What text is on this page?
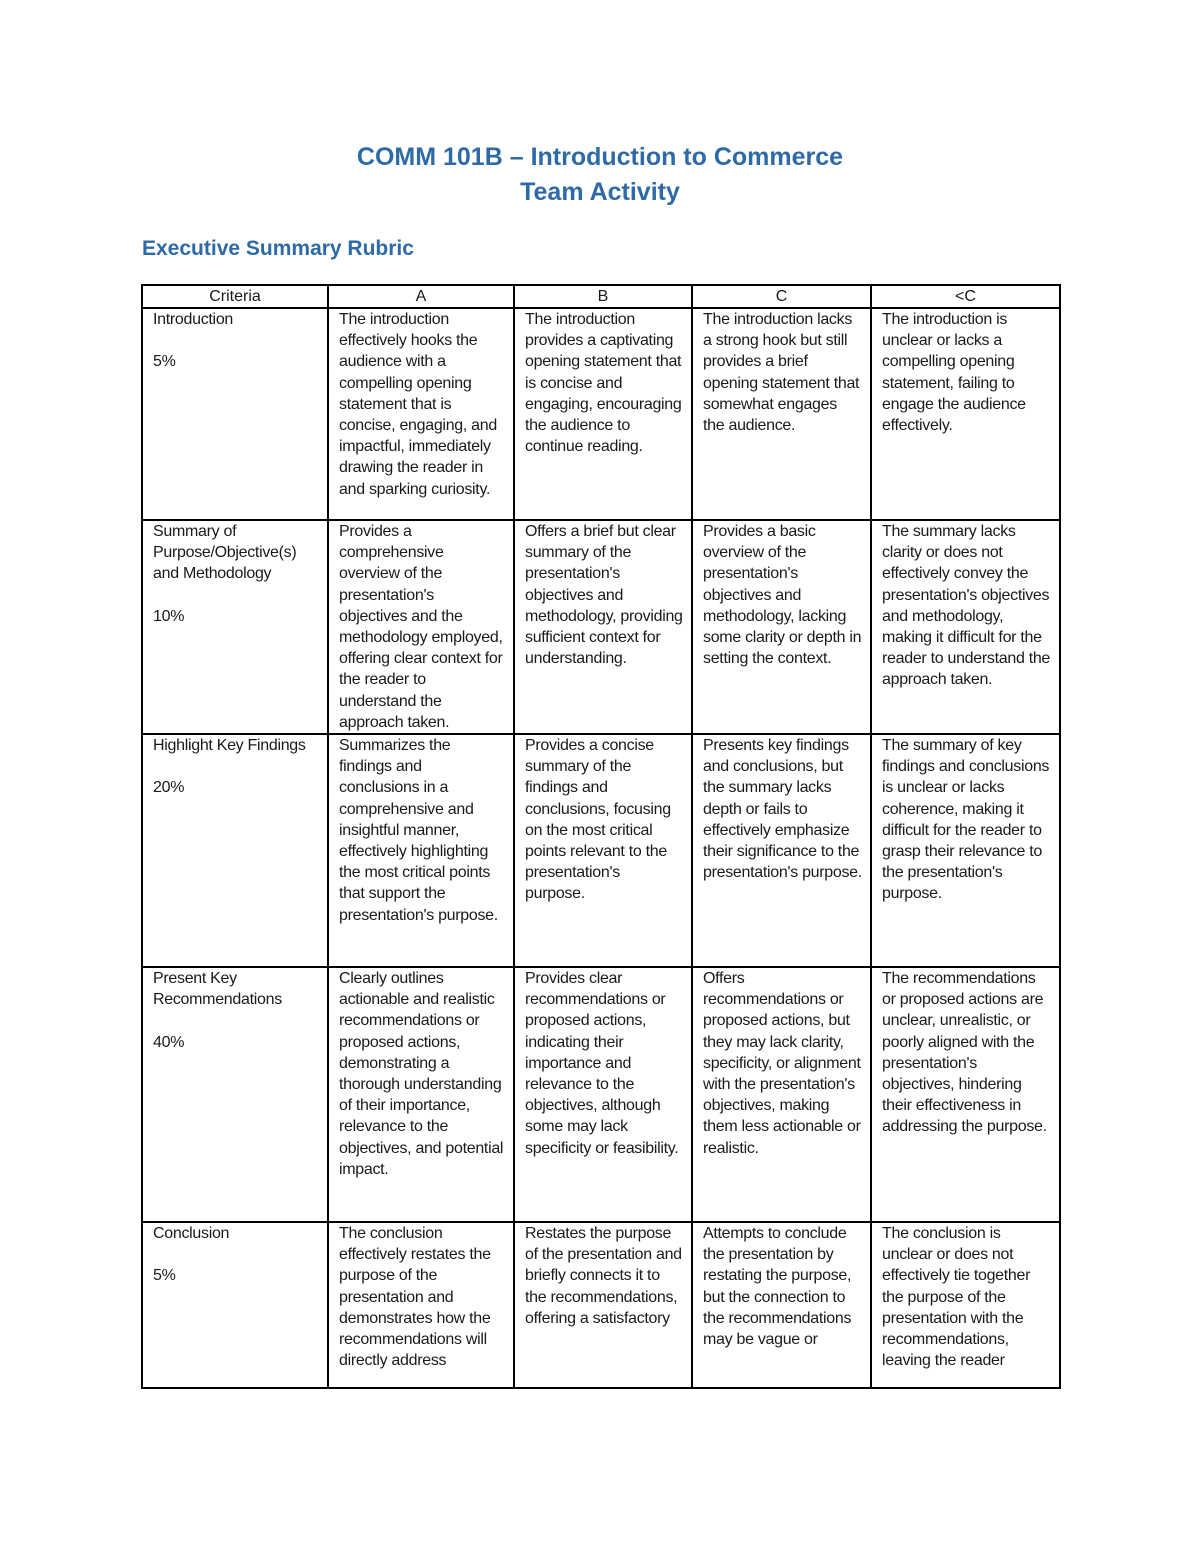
COMM 101B – Introduction to Commerce
Team Activity
Executive Summary Rubric
Criteria	A	B	C	<C

Introduction
5%	The introduction effectively hooks the audience with a compelling opening statement that is concise, engaging, and impactful, immediately drawing the reader in and sparking curiosity.	The introduction provides a captivating opening statement that is concise and engaging, encouraging the audience to continue reading.	The introduction lacks a strong hook but still provides a brief opening statement that somewhat engages the audience.	The introduction is unclear or lacks a compelling opening statement, failing to engage the audience effectively.

Summary of Purpose/Objective(s) and Methodology
10%	Provides a comprehensive overview of the presentation's objectives and the methodology employed, offering clear context for the reader to understand the approach taken.	Offers a brief but clear summary of the presentation's objectives and methodology, providing sufficient context for understanding.	Provides a basic overview of the presentation's objectives and methodology, lacking some clarity or depth in setting the context.	The summary lacks clarity or does not effectively convey the presentation's objectives and methodology, making it difficult for the reader to understand the approach taken.

Highlight Key Findings
20%	Summarizes the findings and conclusions in a comprehensive and insightful manner, effectively highlighting the most critical points that support the presentation's purpose.	Provides a concise summary of the findings and conclusions, focusing on the most critical points relevant to the presentation's purpose.	Presents key findings and conclusions, but the summary lacks depth or fails to effectively emphasize their significance to the presentation's purpose.	The summary of key findings and conclusions is unclear or lacks coherence, making it difficult for the reader to grasp their relevance to the presentation's purpose.

Present Key Recommendations
40%	Clearly outlines actionable and realistic recommendations or proposed actions, demonstrating a thorough understanding of their importance, relevance to the objectives, and potential impact.	Provides clear recommendations or proposed actions, indicating their importance and relevance to the objectives, although some may lack specificity or feasibility.	Offers recommendations or proposed actions, but they may lack clarity, specificity, or alignment with the presentation's objectives, making them less actionable or realistic.	The recommendations or proposed actions are unclear, unrealistic, or poorly aligned with the presentation's objectives, hindering their effectiveness in addressing the purpose.

Conclusion
5%	The conclusion effectively restates the purpose of the presentation and demonstrates how the recommendations will directly address	Restates the purpose of the presentation and briefly connects it to the recommendations, offering a satisfactory	Attempts to conclude the presentation by restating the purpose, but the connection to the recommendations may be vague or	The conclusion is unclear or does not effectively tie together the purpose of the presentation with the recommendations, leaving the reader
